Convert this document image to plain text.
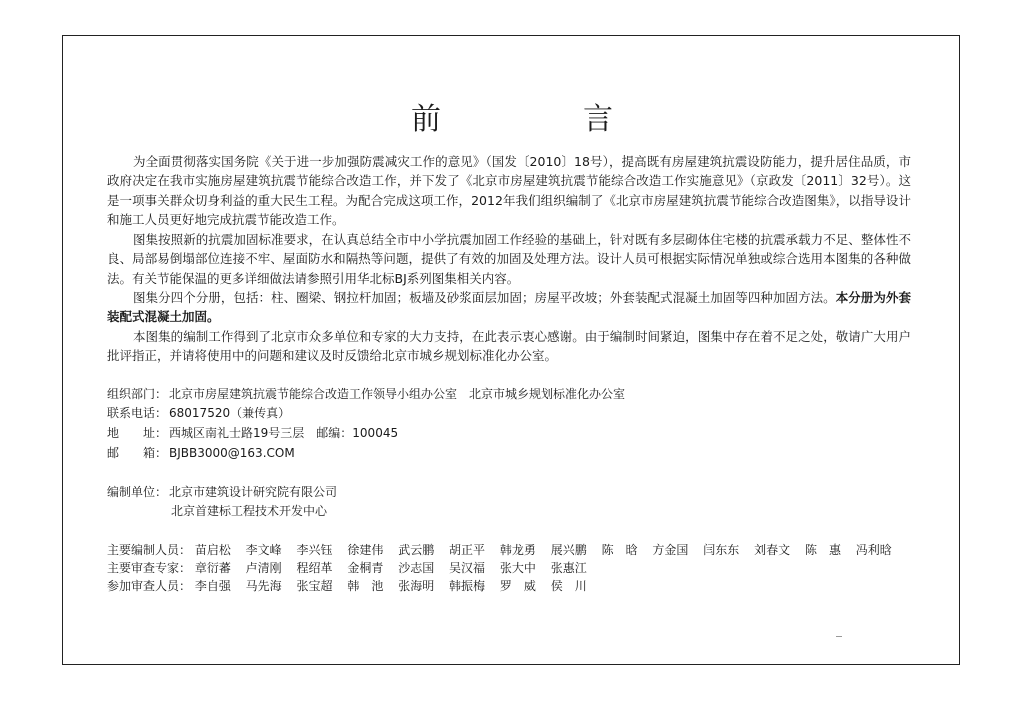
前　言

为全面贯彻落实国务院《关于进一步加强防震减灾工作的意见》（国发〔2010〕18号），提高既有房屋建筑抗震设防能力，提升居住品质，市政府决定在我市实施房屋建筑抗震节能综合改造工作，并下发了《北京市房屋建筑抗震节能综合改造工作实施意见》（京政发〔2011〕32号）。这是一项事关群众切身利益的重大民生工程。为配合完成这项工作，2012年我们组织编制了《北京市房屋建筑抗震节能综合改造图集》，以指导设计和施工人员更好地完成抗震节能改造工作。

图集按照新的抗震加固标准要求，在认真总结全市中小学抗震加固工作经验的基础上，针对既有多层砌体住宅楼的抗震承载力不足、整体性不良、局部易倒塌部位连接不牢、屋面防水和隔热等问题，提供了有效的加固及处理方法。设计人员可根据实际情况单独或综合选用本图集的各种做法。有关节能保温的更多详细做法请参照引用华北标BJ系列图集相关内容。

图集分四个分册，包括：柱、圈梁、钢拉杆加固；板墙及砂浆面层加固；房屋平改坡；外套装配式混凝土加固等四种加固方法。本分册为外套装配式混凝土加固。

本图集的编制工作得到了北京市众多单位和专家的大力支持，在此表示衷心感谢。由于编制时间紧迫，图集中存在着不足之处，敬请广大用户批评指正，并请将使用中的问题和建议及时反馈给北京市城乡规划标准化办公室。

组织部门： 北京市房屋建筑抗震节能综合改造工作领导小组办公室　北京市城乡规划标准化办公室
联系电话： 68017520（兼传真）
地　　址： 西城区南礼士路19号三层　邮编：100045
邮　　箱： BJBB3000@163.COM
编制单位： 北京市建筑设计研究院有限公司
北京首建标工程技术开发中心
主要编制人员： 苗启松 李文峰 李兴钰 徐建伟 武云鹏 胡正平 韩龙勇 展兴鹏 陈　晗 方金国 闫东东 刘春文 陈　惠 冯利晗
主要审查专家： 章衍蕃 卢清刚 程绍革 金桐青 沙志国 吴汉福 张大中 张惠江
参加审查人员： 李自强 马先海 张宝超 韩　池 张海明 韩振梅 罗　威 侯　川
